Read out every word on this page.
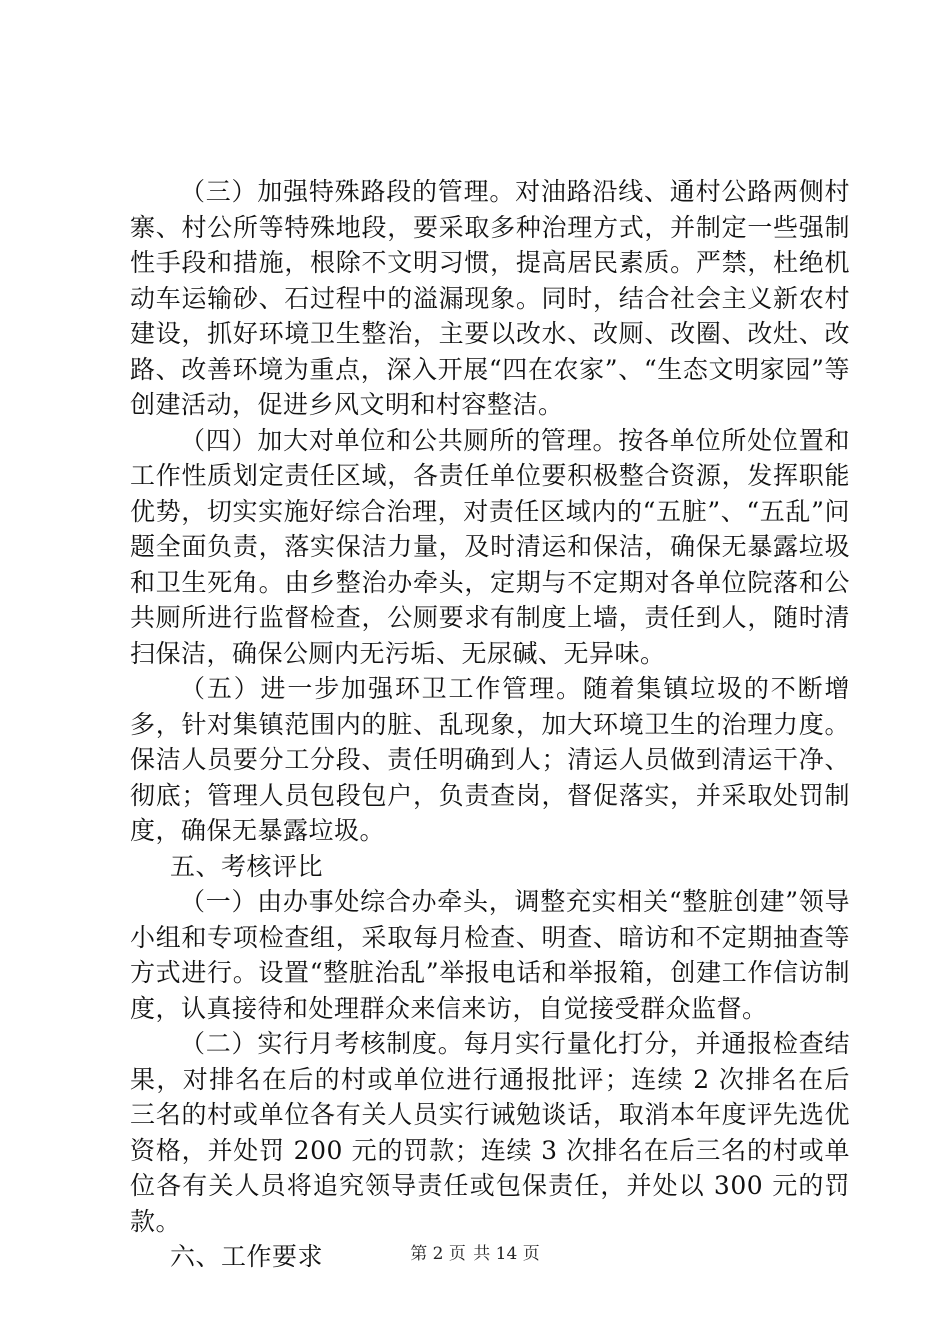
（三）加强特殊路段的管理。对油路沿线、通村公路两侧村寨、村公所等特殊地段，要采取多种治理方式，并制定一些强制性手段和措施，根除不文明习惯，提高居民素质。严禁，杜绝机动车运输砂、石过程中的溢漏现象。同时，结合社会主义新农村建设，抓好环境卫生整治，主要以改水、改厕、改圈、改灶、改路、改善环境为重点，深入开展“四在农家”、“生态文明家园”等创建活动，促进乡风文明和村容整洁。

（四）加大对单位和公共厕所的管理。按各单位所处位置和工作性质划定责任区域，各责任单位要积极整合资源，发挥职能优势，切实实施好综合治理，对责任区域内的“五脏”、“五乱”问题全面负责，落实保洁力量，及时清运和保洁，确保无暴露垃圾和卫生死角。由乡整治办牵头，定期与不定期对各单位院落和公共厕所进行监督检查，公厕要求有制度上墙，责任到人，随时清扫保洁，确保公厕内无污垢、无尿碱、无异味。

（五）进一步加强环卫工作管理。随着集镇垃圾的不断增多，针对集镇范围内的脏、乱现象，加大环境卫生的治理力度。保洁人员要分工分段、责任明确到人；清运人员做到清运干净、彻底；管理人员包段包户，负责查岗，督促落实，并采取处罚制度，确保无暴露垃圾。

五、考核评比

（一）由办事处综合办牵头，调整充实相关“整脏创建”领导小组和专项检查组，采取每月检查、明查、暗访和不定期抽查等方式进行。设置“整脏治乱”举报电话和举报箱，创建工作信访制度，认真接待和处理群众来信来访，自觉接受群众监督。

（二）实行月考核制度。每月实行量化打分，并通报检查结果，对排名在后的村或单位进行通报批评；连续 2 次排名在后三名的村或单位各有关人员实行诫勉谈话，取消本年度评先选优资格，并处罚 200 元的罚款；连续 3 次排名在后三名的村或单位各有关人员将追究领导责任或包保责任，并处以 300 元的罚款。

六、工作要求	第 2 页 共 14 页
